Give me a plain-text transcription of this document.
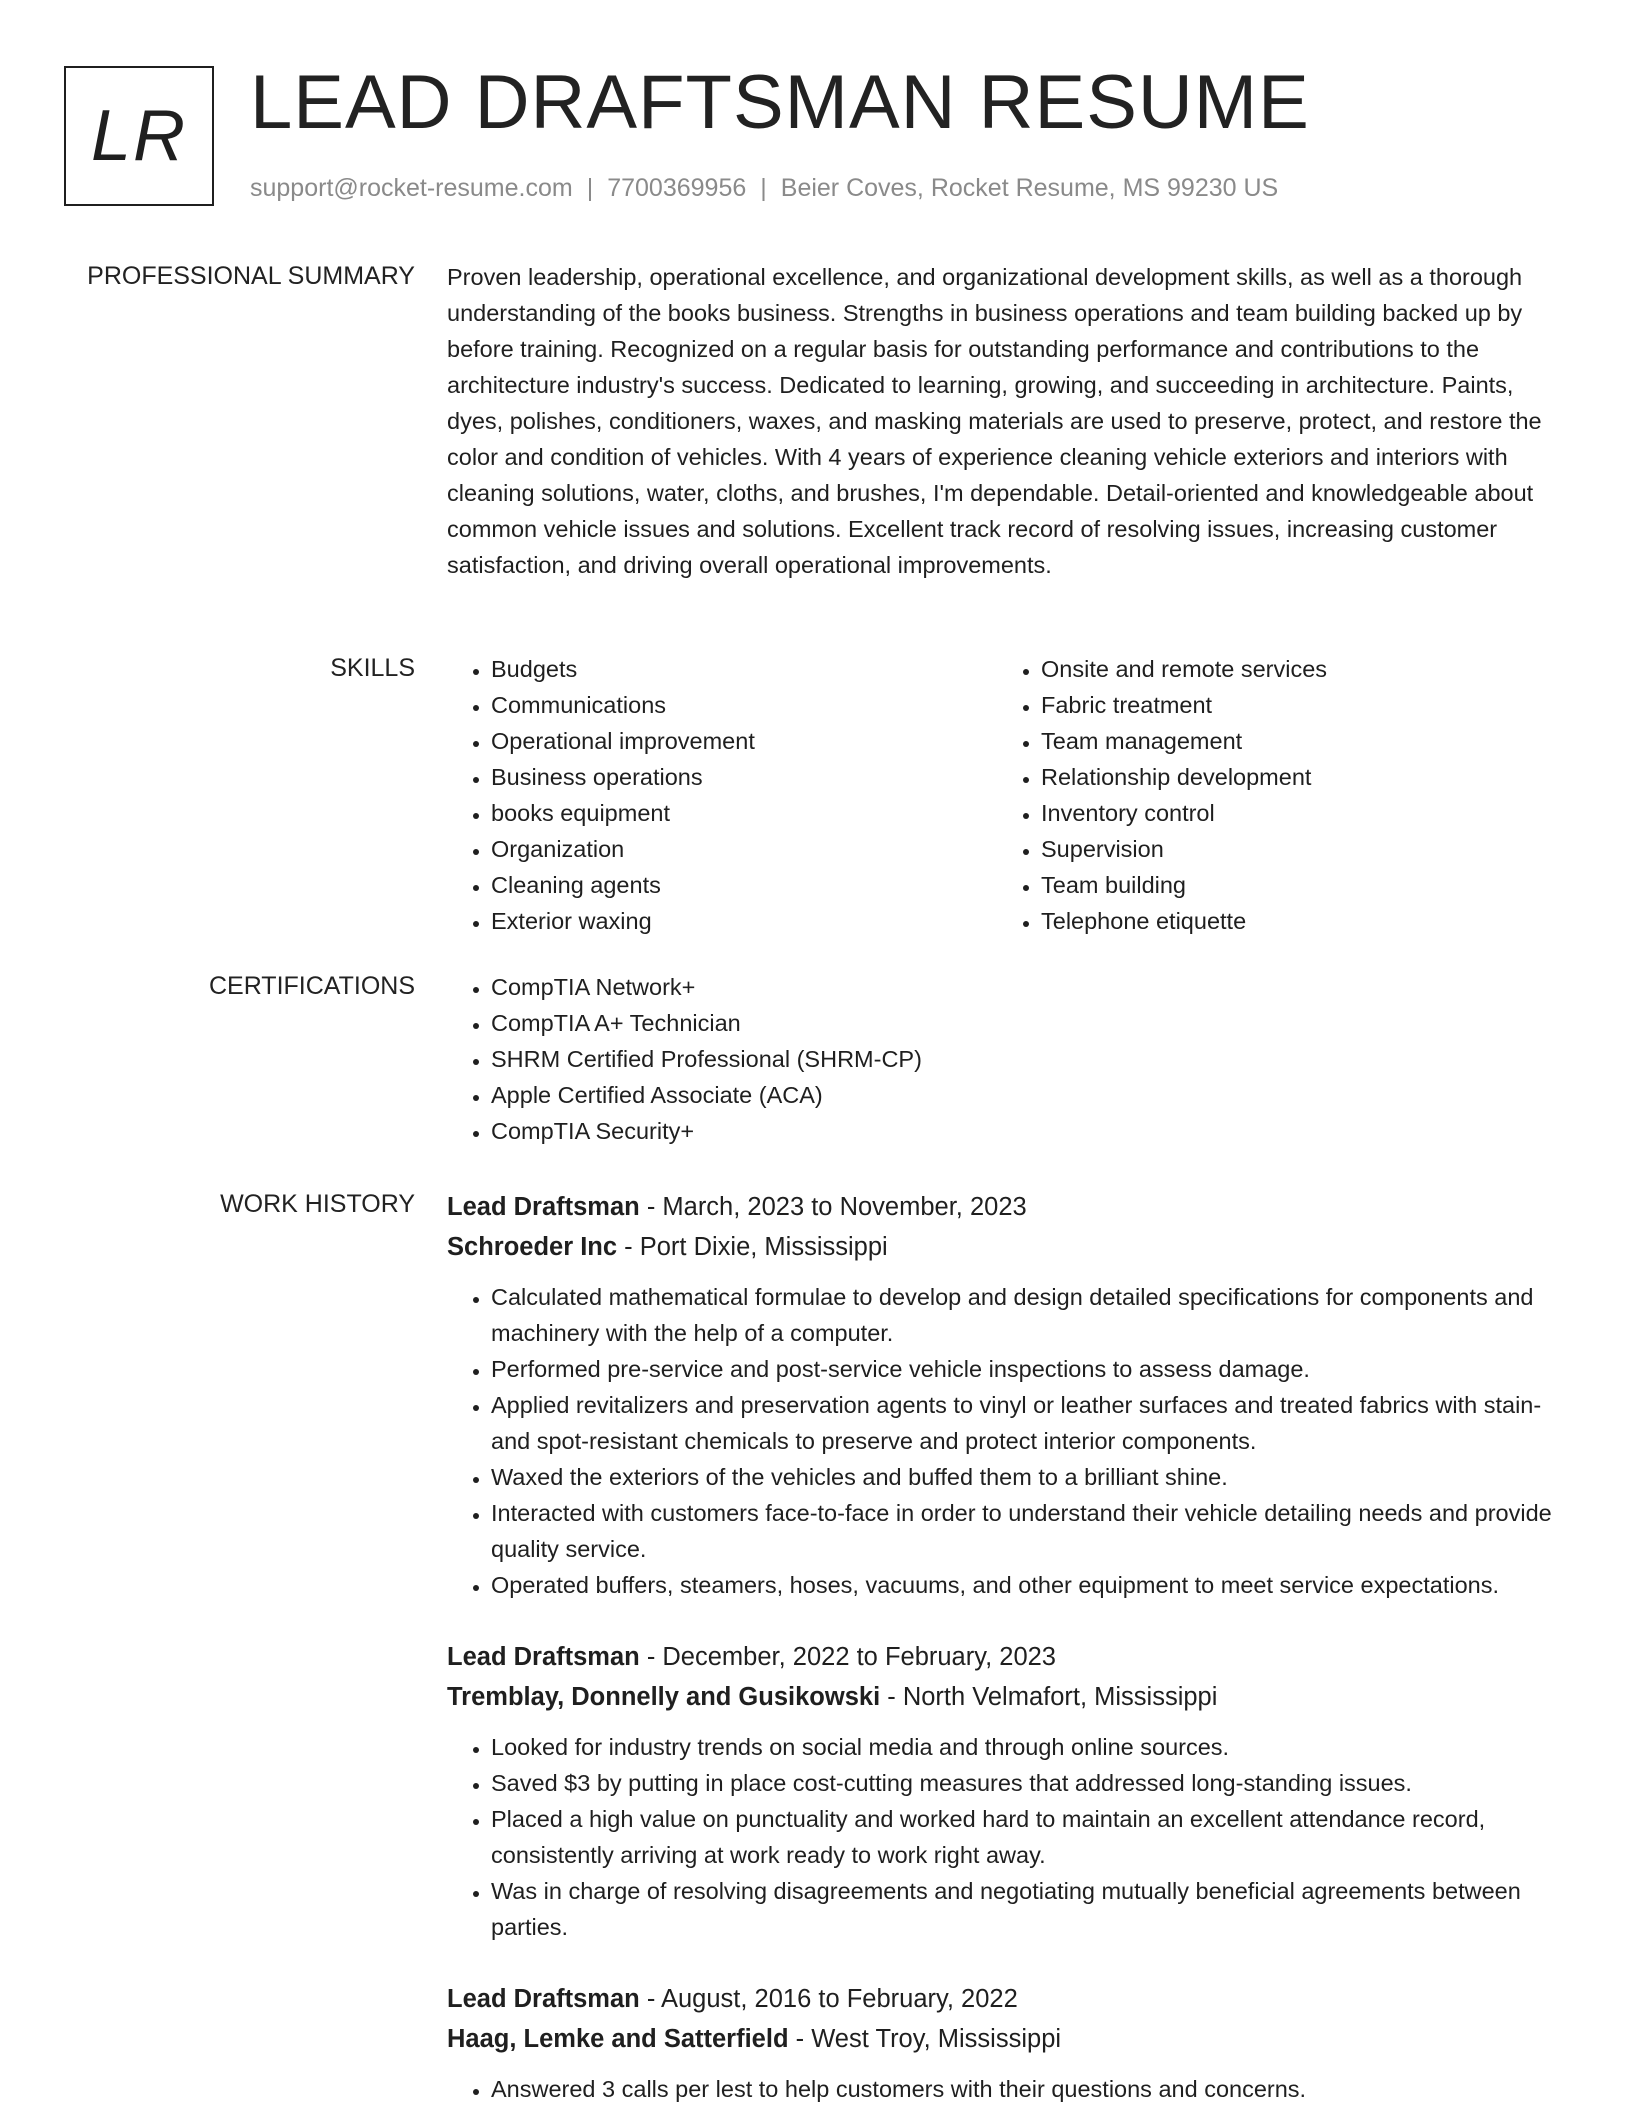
LR LEAD DRAFTSMAN RESUME
support@rocket-resume.com | 7700369956 | Beier Coves, Rocket Resume, MS 99230 US
PROFESSIONAL SUMMARY Proven leadership, operational excellence, and organizational development skills, as well as a thorough understanding of the books business. Strengths in business operations and team building backed up by before training. Recognized on a regular basis for outstanding performance and contributions to the architecture industry's success. Dedicated to learning, growing, and succeeding in architecture. Paints, dyes, polishes, conditioners, waxes, and masking materials are used to preserve, protect, and restore the color and condition of vehicles. With 4 years of experience cleaning vehicle exteriors and interiors with cleaning solutions, water, cloths, and brushes, I'm dependable. Detail-oriented and knowledgeable about common vehicle issues and solutions. Excellent track record of resolving issues, increasing customer satisfaction, and driving overall operational improvements.
SKILLS	• Budgets
• Communications
• Operational improvement
• Business operations
• books equipment
• Organization
• Cleaning agents
• Exterior waxing
• Onsite and remote services
• Fabric treatment
• Team management
• Relationship development
• Inventory control
• Supervision
• Team building
• Telephone etiquette
CERTIFICATIONS	• CompTIA Network+
• CompTIA A+ Technician
• SHRM Certified Professional (SHRM-CP)
• Apple Certified Associate (ACA)
• CompTIA Security+
WORK HISTORY Lead Draftsman - March, 2023 to November, 2023
Schroeder Inc - Port Dixie, Mississippi
• Calculated mathematical formulae to develop and design detailed specifications for components and machinery with the help of a computer.
• Performed pre-service and post-service vehicle inspections to assess damage.
• Applied revitalizers and preservation agents to vinyl or leather surfaces and treated fabrics with stain- and spot-resistant chemicals to preserve and protect interior components.
• Waxed the exteriors of the vehicles and buffed them to a brilliant shine.
• Interacted with customers face-to-face in order to understand their vehicle detailing needs and provide quality service.
• Operated buffers, steamers, hoses, vacuums, and other equipment to meet service expectations.
Lead Draftsman - December, 2022 to February, 2023
Tremblay, Donnelly and Gusikowski - North Velmafort, Mississippi
• Looked for industry trends on social media and through online sources.
• Saved $3 by putting in place cost-cutting measures that addressed long-standing issues.
• Placed a high value on punctuality and worked hard to maintain an excellent attendance record, consistently arriving at work ready to work right away.
• Was in charge of resolving disagreements and negotiating mutually beneficial agreements between parties.
Lead Draftsman - August, 2016 to February, 2022
Haag, Lemke and Satterfield - West Troy, Mississippi
• Answered 3 calls per lest to help customers with their questions and concerns.
